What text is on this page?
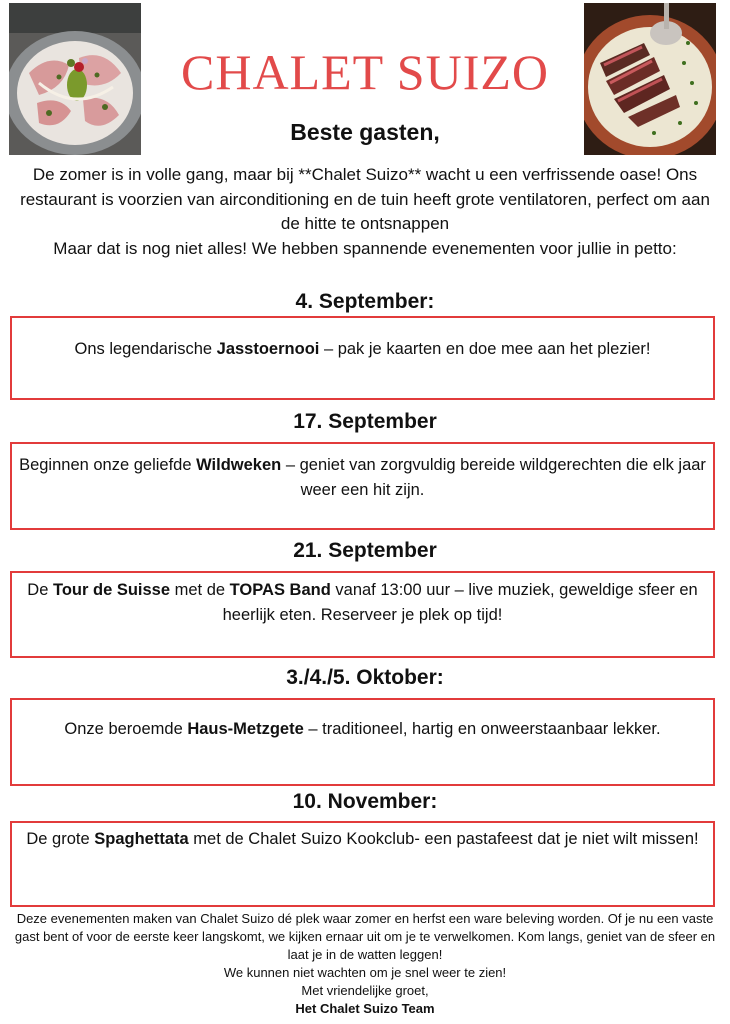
CHALET SUIZO
Beste gasten,
De zomer is in volle gang, maar bij **Chalet Suizo** wacht u een verfrissende oase! Ons restaurant is voorzien van airconditioning en de tuin heeft grote ventilatoren, perfect om aan de hitte te ontsnappen
Maar dat is nog niet alles! We hebben spannende evenementen voor jullie in petto:
4. September:
Ons legendarische Jasstoernooi – pak je kaarten en doe mee aan het plezier!
17. September
Beginnen onze geliefde Wildweken – geniet van zorgvuldig bereide wildgerechten die elk jaar weer een hit zijn.
21. September
De Tour de Suisse met de TOPAS Band vanaf 13:00 uur – live muziek, geweldige sfeer en heerlijk eten. Reserveer je plek op tijd!
3./4./5. Oktober:
Onze beroemde Haus-Metzgete – traditioneel, hartig en onweerstaanbaar lekker.
10. November:
De grote Spaghettata met de Chalet Suizo Kookclub- een pastafeest dat je niet wilt missen!
Deze evenementen maken van Chalet Suizo dé plek waar zomer en herfst een ware beleving worden. Of je nu een vaste gast bent of voor de eerste keer langskomt, we kijken ernaar uit om je te verwelkomen. Kom langs, geniet van de sfeer en laat je in de watten leggen!
We kunnen niet wachten om je snel weer te zien!
Met vriendelijke groet,
Het Chalet Suizo Team
